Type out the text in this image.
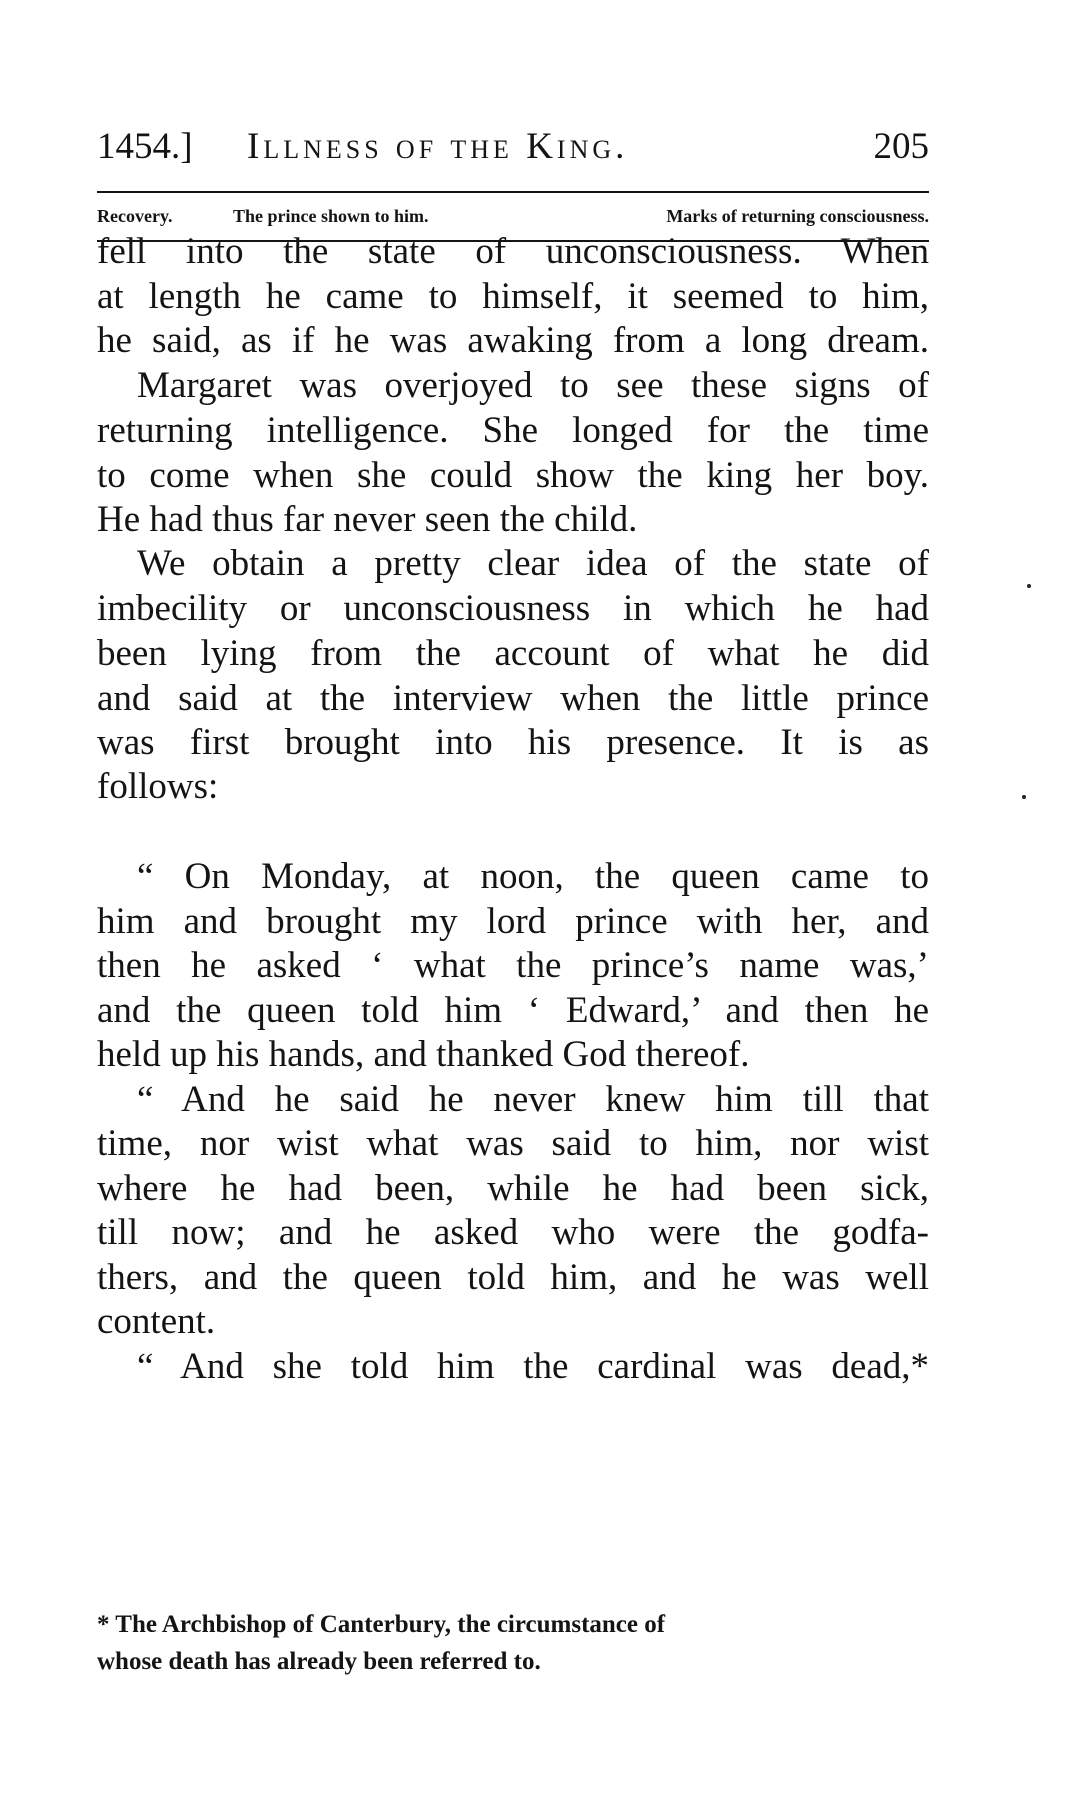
1454.] Illness of the King.	205
Recovery.	The prince shown to him.	Marks of returning consciousness.
fell into the state of unconsciousness. When
at length he came to himself, it seemed to him,
he said, as if he was awaking from a long dream.
Margaret was overjoyed to see these signs of
returning intelligence. She longed for the time
to come when she could show the king her boy.
He had thus far never seen the child.
We obtain a pretty clear idea of the state of
imbecility or unconsciousness in which he had
been lying from the account of what he did
and said at the interview when the little prince
was first brought into his presence. It is as
follows:
“ On Monday, at noon, the queen came to
him and brought my lord prince with her, and
then he asked ‘ what the prince’s name was,’
and the queen told him ‘ Edward,’ and then he
held up his hands, and thanked God thereof.
“ And he said he never knew him till that
time, nor wist what was said to him, nor wist
where he had been, while he had been sick,
till now; and he asked who were the godfa-
thers, and the queen told him, and he was well
content.
“ And she told him the cardinal was dead,*
* The Archbishop of Canterbury, the circumstance of
whose death has already been referred to.
